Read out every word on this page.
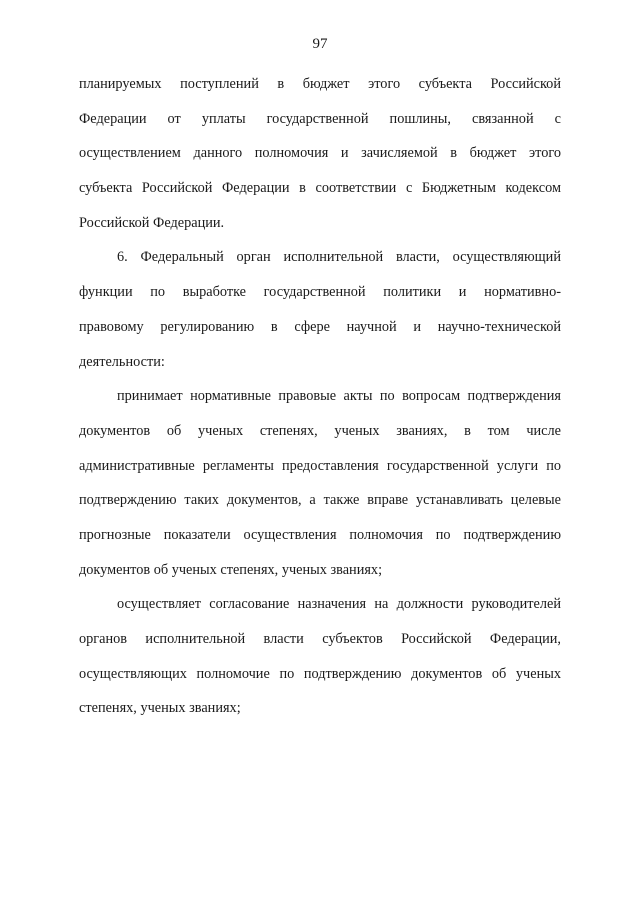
97
планируемых поступлений в бюджет этого субъекта Российской
Федерации от уплаты государственной пошлины, связанной с
осуществлением данного полномочия и зачисляемой в бюджет этого
субъекта Российской Федерации в соответствии с Бюджетным кодексом
Российской Федерации.
6. Федеральный орган исполнительной власти, осуществляющий
функции по выработке государственной политики и нормативно-
правовому регулированию в сфере научной и научно-технической
деятельности:
принимает нормативные правовые акты по вопросам подтверждения
документов об ученых степенях, ученых званиях, в том числе
административные регламенты предоставления государственной услуги по
подтверждению таких документов, а также вправе устанавливать целевые
прогнозные показатели осуществления полномочия по подтверждению
документов об ученых степенях, ученых званиях;
осуществляет согласование назначения на должности руководителей
органов исполнительной власти субъектов Российской Федерации,
осуществляющих полномочие по подтверждению документов об ученых
степенях, ученых званиях;
